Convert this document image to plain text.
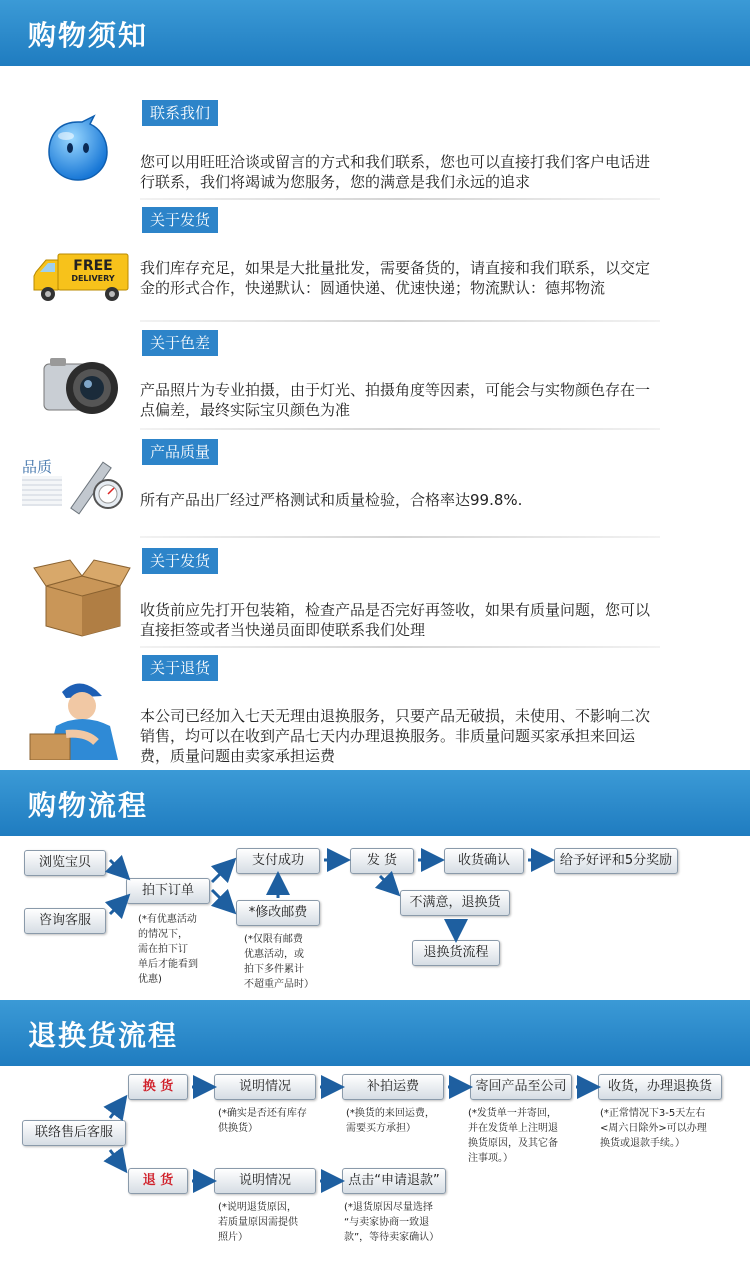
购物须知
联系我们
您可以用旺旺洽谈或留言的方式和我们联系，您也可以直接打我们客户电话进行联系，我们将竭诚为您服务，您的满意是我们永远的追求
FREE
DELIVERY
关于发货
我们库存充足，如果是大批量批发，需要备货的，请直接和我们联系，以交定金的形式合作，快递默认：圆通快递、优速快递；物流默认：德邦物流
关于色差
产品照片为专业拍摄，由于灯光、拍摄角度等因素，可能会与实物颜色存在一点偏差，最终实际宝贝颜色为准
品质
产品质量
所有产品出厂经过严格测试和质量检验，合格率达99.8%.
关于发货
收货前应先打开包装箱，检查产品是否完好再签收，如果有质量问题，您可以直接拒签或者当快递员面即使联系我们处理
关于退货
本公司已经加入七天无理由退换服务，只要产品无破损，未使用、不影响二次销售，均可以在收到产品七天内办理退换服务。非质量问题买家承担来回运费，质量问题由卖家承担运费
购物流程
浏览宝贝
咨询客服
拍下订单
(*有优惠活动
的情况下，
需在拍下订
单后才能看到
优惠)
支付成功
*修改邮费
(*仅限有邮费
优惠活动，或
拍下多件累计
不超重产品时）
发 货	收货确认	给予好评和5分奖励
不满意，退换货
退换货流程
退换货流程
联络售后客服
换 货	说明情况
(*确实是否还有库存
供换货）
补拍运费
(*换货的来回运费，
需要买方承担）
寄回产品至公司
(*发货单一并寄回，
并在发货单上注明退
换货原因，及其它备
注事项。）
收货，办理退换货
(*正常情况下3-5天左右
<周六日除外>可以办理
换货或退款手续。）
退 货	说明情况
(*说明退货原因，
若质量原因需提供
照片）
点击“申请退款”
(*退货原因尽量选择
“与卖家协商一致退
款”，等待卖家确认）
